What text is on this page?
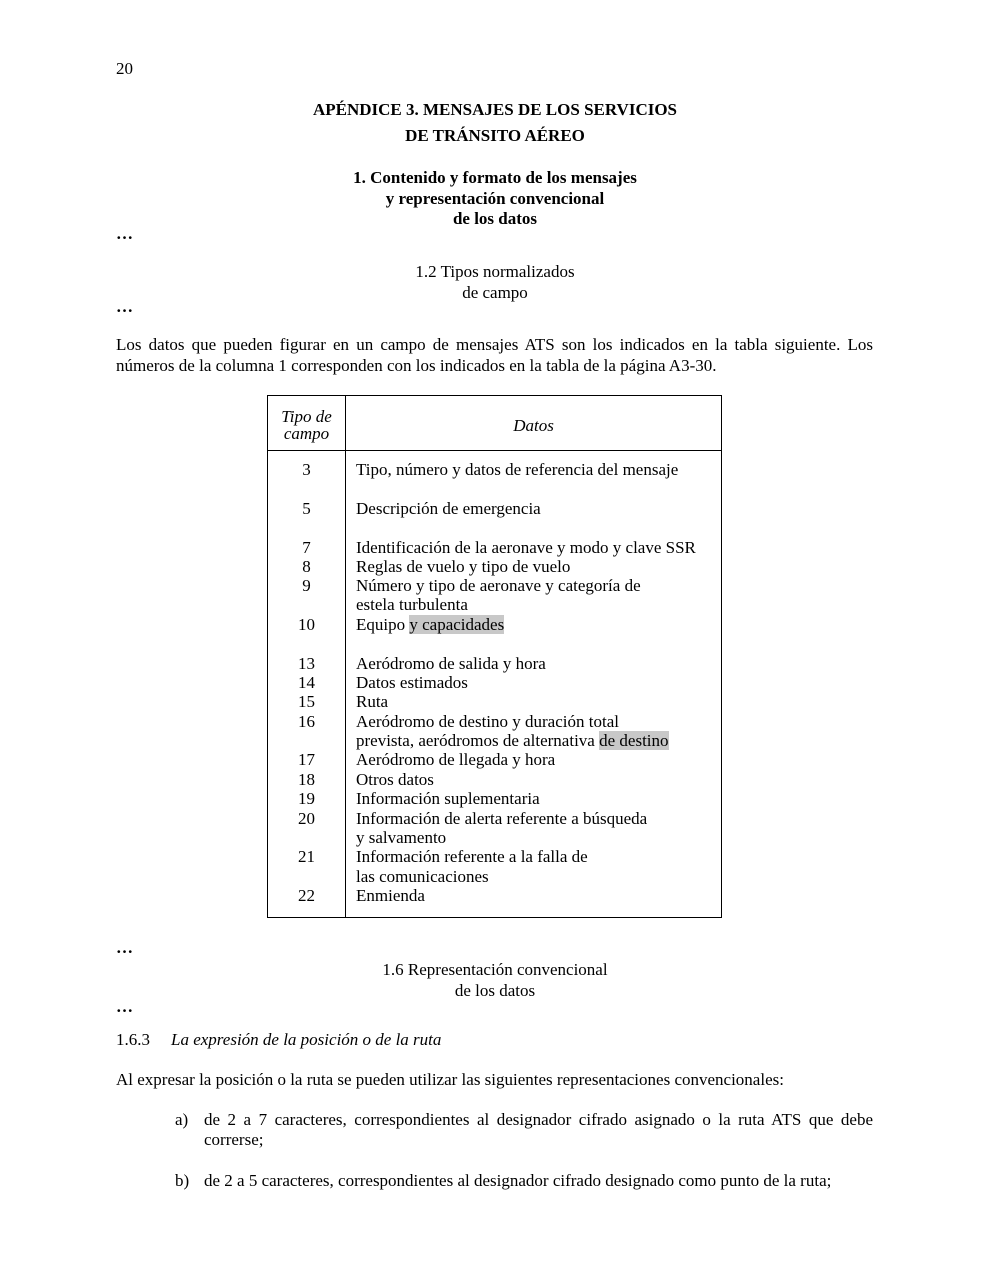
20
APÉNDICE 3. MENSAJES DE LOS SERVICIOS
DE TRÁNSITO AÉREO
1. Contenido y formato de los mensajes
y representación convencional
de los datos
…
1.2 Tipos normalizados
de campo
…
Los datos que pueden figurar en un campo de mensajes ATS son los indicados en la tabla siguiente. Los números de la columna 1 corresponden con los indicados en la tabla de la página A3-30.
Tipo de campo	Datos
3	Tipo, número y datos de referencia del mensaje
5	Descripción de emergencia
7	Identificación de la aeronave y modo y clave SSR
8	Reglas de vuelo y tipo de vuelo
9	Número y tipo de aeronave y categoría de
estela turbulenta
10	Equipo y capacidades
13	Aeródromo de salida y hora
14	Datos estimados
15	Ruta
16	Aeródromo de destino y duración total
prevista, aeródromos de alternativa de destino
17	Aeródromo de llegada y hora
18	Otros datos
19	Información suplementaria
20	Información de alerta referente a búsqueda
y salvamento
21	Información referente a la falla de
las comunicaciones
22	Enmienda
…
1.6 Representación convencional
de los datos
…
1.6.3 La expresión de la posición o de la ruta
Al expresar la posición o la ruta se pueden utilizar las siguientes representaciones convencionales:
a) de 2 a 7 caracteres, correspondientes al designador cifrado asignado o la ruta ATS que debe correrse;
b) de 2 a 5 caracteres, correspondientes al designador cifrado designado como punto de la ruta;
